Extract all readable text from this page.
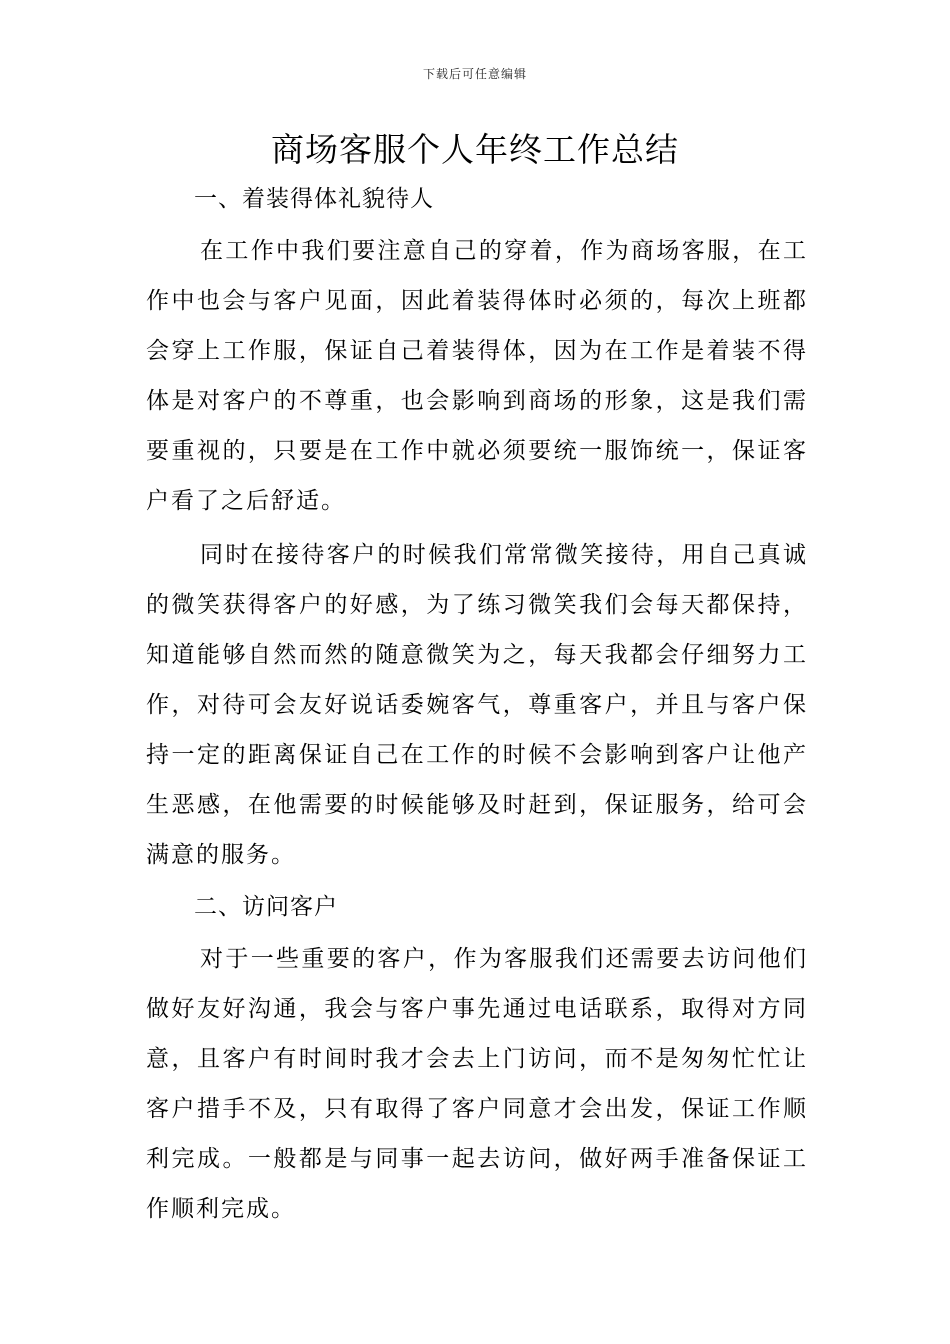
下载后可任意编辑
商场客服个人年终工作总结

一、着装得体礼貌待人

在工作中我们要注意自己的穿着，作为商场客服，在工作中也会与客户见面，因此着装得体时必须的，每次上班都会穿上工作服，保证自己着装得体，因为在工作是着装不得体是对客户的不尊重，也会影响到商场的形象，这是我们需要重视的，只要是在工作中就必须要统一服饰统一，保证客户看了之后舒适。

同时在接待客户的时候我们常常微笑接待，用自己真诚的微笑获得客户的好感，为了练习微笑我们会每天都保持，知道能够自然而然的随意微笑为之，每天我都会仔细努力工作，对待可会友好说话委婉客气，尊重客户，并且与客户保持一定的距离保证自己在工作的时候不会影响到客户让他产生恶感，在他需要的时候能够及时赶到，保证服务，给可会满意的服务。

二、访问客户

对于一些重要的客户，作为客服我们还需要去访问他们做好友好沟通，我会与客户事先通过电话联系，取得对方同意，且客户有时间时我才会去上门访问，而不是匆匆忙忙让客户措手不及，只有取得了客户同意才会出发，保证工作顺利完成。一般都是与同事一起去访问，做好两手准备保证工作顺利完成。
